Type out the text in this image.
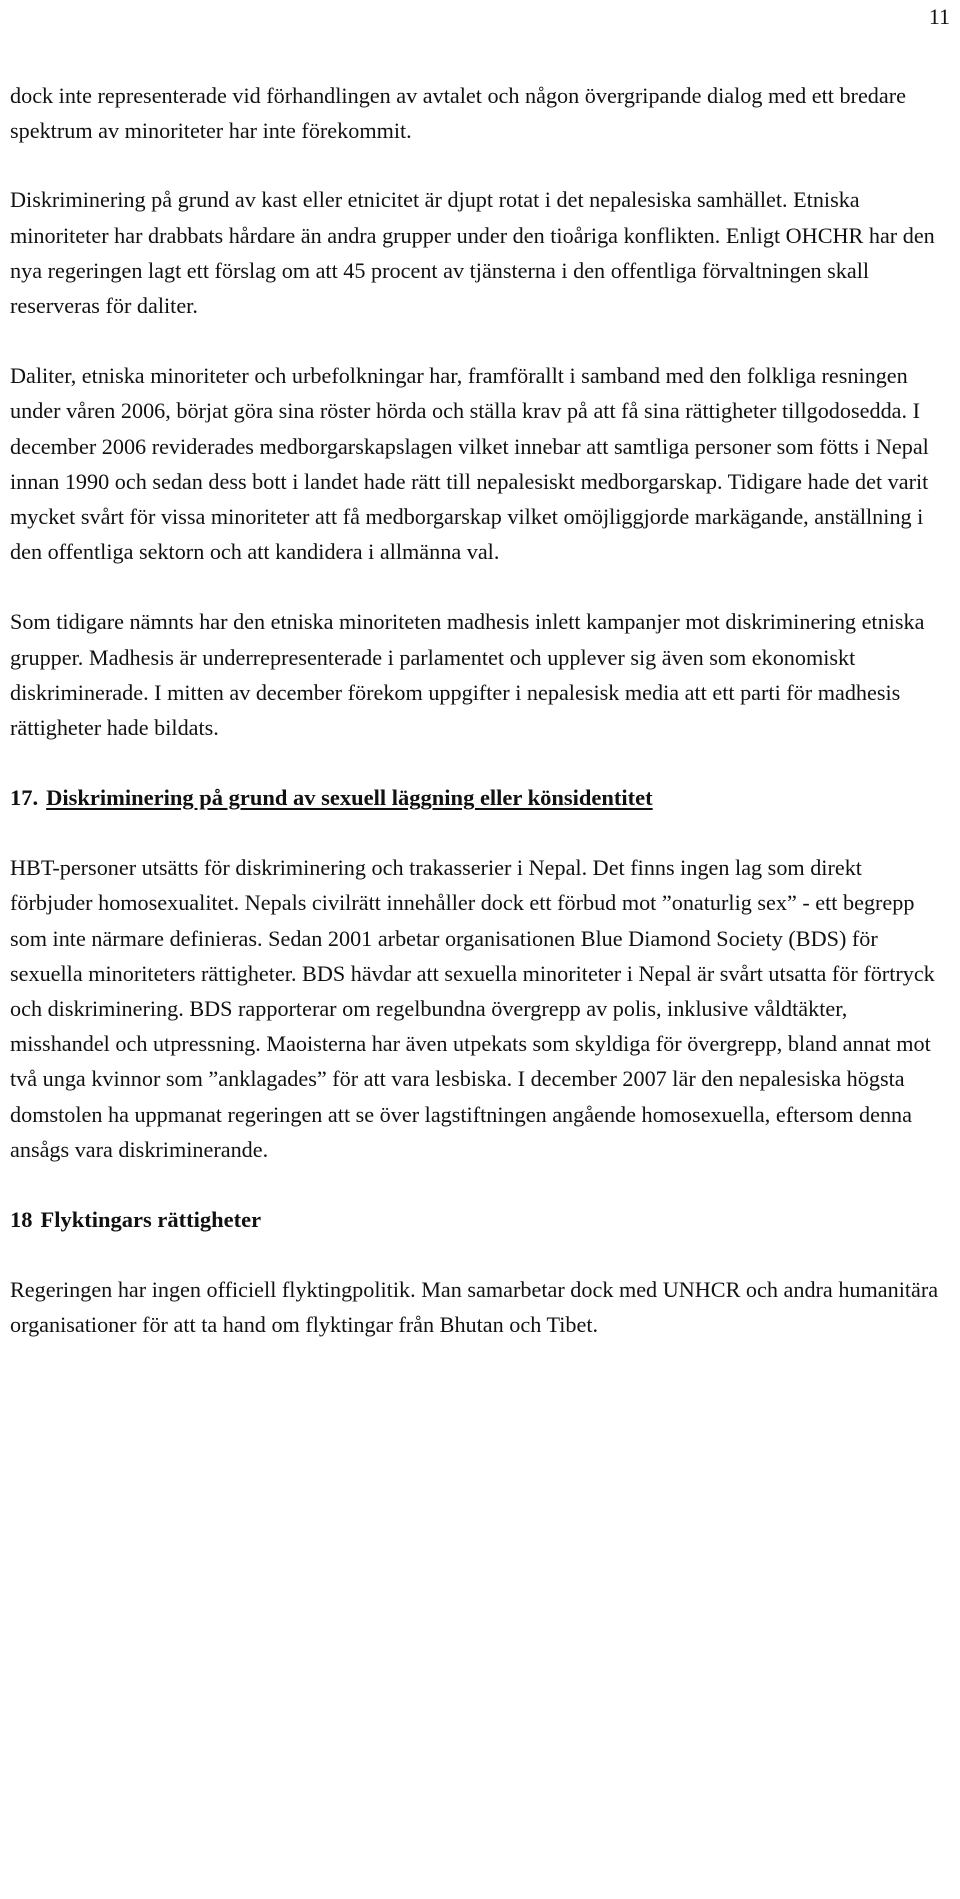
11

dock inte representerade vid förhandlingen av avtalet och någon övergripande dialog med ett bredare spektrum av minoriteter har inte förekommit.

Diskriminering på grund av kast eller etnicitet är djupt rotat i det nepalesiska samhället. Etniska minoriteter har drabbats hårdare än andra grupper under den tioåriga konflikten. Enligt OHCHR har den nya regeringen lagt ett förslag om att 45 procent av tjänsterna i den offentliga förvaltningen skall reserveras för daliter.

Daliter, etniska minoriteter och urbefolkningar har, framförallt i samband med den folkliga resningen under våren 2006, börjat göra sina röster hörda och ställa krav på att få sina rättigheter tillgodosedda. I december 2006 reviderades medborgarskapslagen vilket innebar att samtliga personer som fötts i Nepal innan 1990 och sedan dess bott i landet hade rätt till nepalesiskt medborgarskap. Tidigare hade det varit mycket svårt för vissa minoriteter att få medborgarskap vilket omöjliggjorde markägande, anställning i den offentliga sektorn och att kandidera i allmänna val.

Som tidigare nämnts har den etniska minoriteten madhesis inlett kampanjer mot diskriminering etniska grupper. Madhesis är underrepresenterade i parlamentet och upplever sig även som ekonomiskt diskriminerade. I mitten av december förekom uppgifter i nepalesisk media att ett parti för madhesis rättigheter hade bildats.

17. Diskriminering på grund av sexuell läggning eller könsidentitet

HBT-personer utsätts för diskriminering och trakasserier i Nepal. Det finns ingen lag som direkt förbjuder homosexualitet. Nepals civilrätt innehåller dock ett förbud mot ”onaturlig sex” - ett begrepp som inte närmare definieras. Sedan 2001 arbetar organisationen Blue Diamond Society (BDS) för sexuella minoriteters rättigheter. BDS hävdar att sexuella minoriteter i Nepal är svårt utsatta för förtryck och diskriminering. BDS rapporterar om regelbundna övergrepp av polis, inklusive våldtäkter, misshandel och utpressning. Maoisterna har även utpekats som skyldiga för övergrepp, bland annat mot två unga kvinnor som ”anklagades” för att vara lesbiska. I december 2007 lär den nepalesiska högsta domstolen ha uppmanat regeringen att se över lagstiftningen angående homosexuella, eftersom denna ansågs vara diskriminerande.

18 Flyktingars rättigheter

Regeringen har ingen officiell flyktingpolitik. Man samarbetar dock med UNHCR och andra humanitära organisationer för att ta hand om flyktingar från Bhutan och Tibet.
